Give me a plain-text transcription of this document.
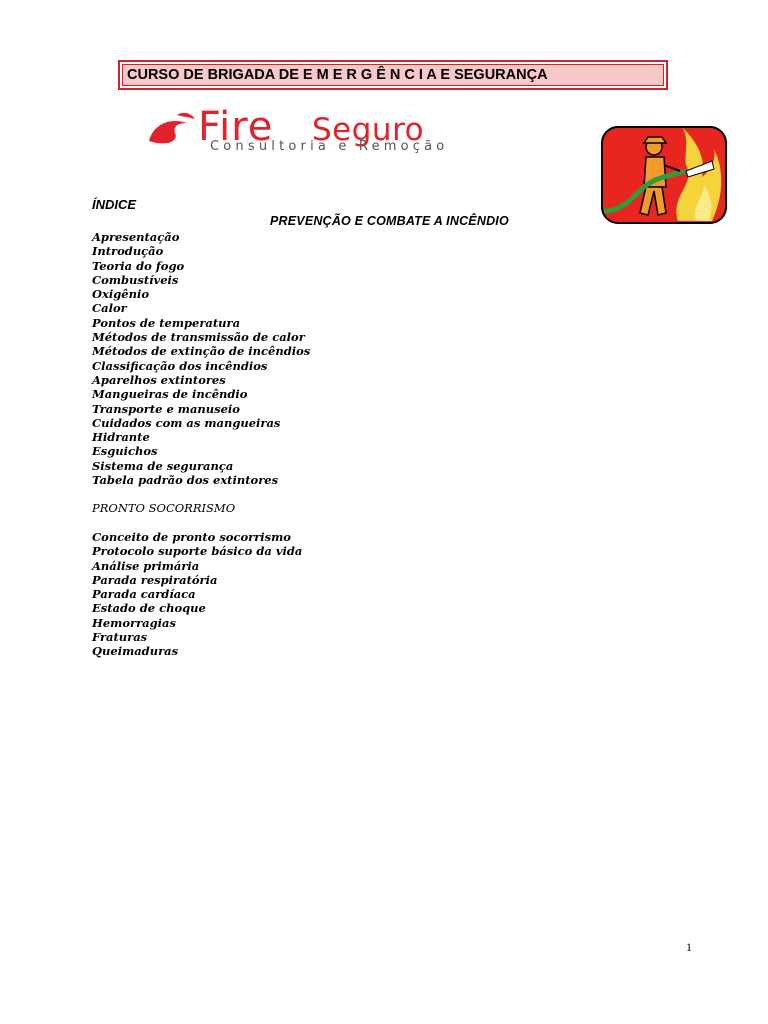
CURSO DE BRIGADA DE E M E R G Ê N C I A E SEGURANÇA
Fire Seguro
Consultoria e Remoção
ÍNDICE
PREVENÇÃO E COMBATE A INCÊNDIO
Apresentação
Introdução
Teoria do fogo
Combustíveis
Oxigênio
Calor
Pontos de temperatura
Métodos de transmissão de calor
Métodos de extinção de incêndios
Classificação dos incêndios
Aparelhos extintores
Mangueiras de incêndio
Transporte e manuseio
Cuidados com as mangueiras
Hidrante
Esguichos
Sistema de segurança
Tabela padrão dos extintores
PRONTO SOCORRISMO
Conceito de pronto socorrismo
Protocolo suporte básico da vida
Análise primária
Parada respiratória
Parada cardíaca
Estado de choque
Hemorragias
Fraturas
Queimaduras
1
